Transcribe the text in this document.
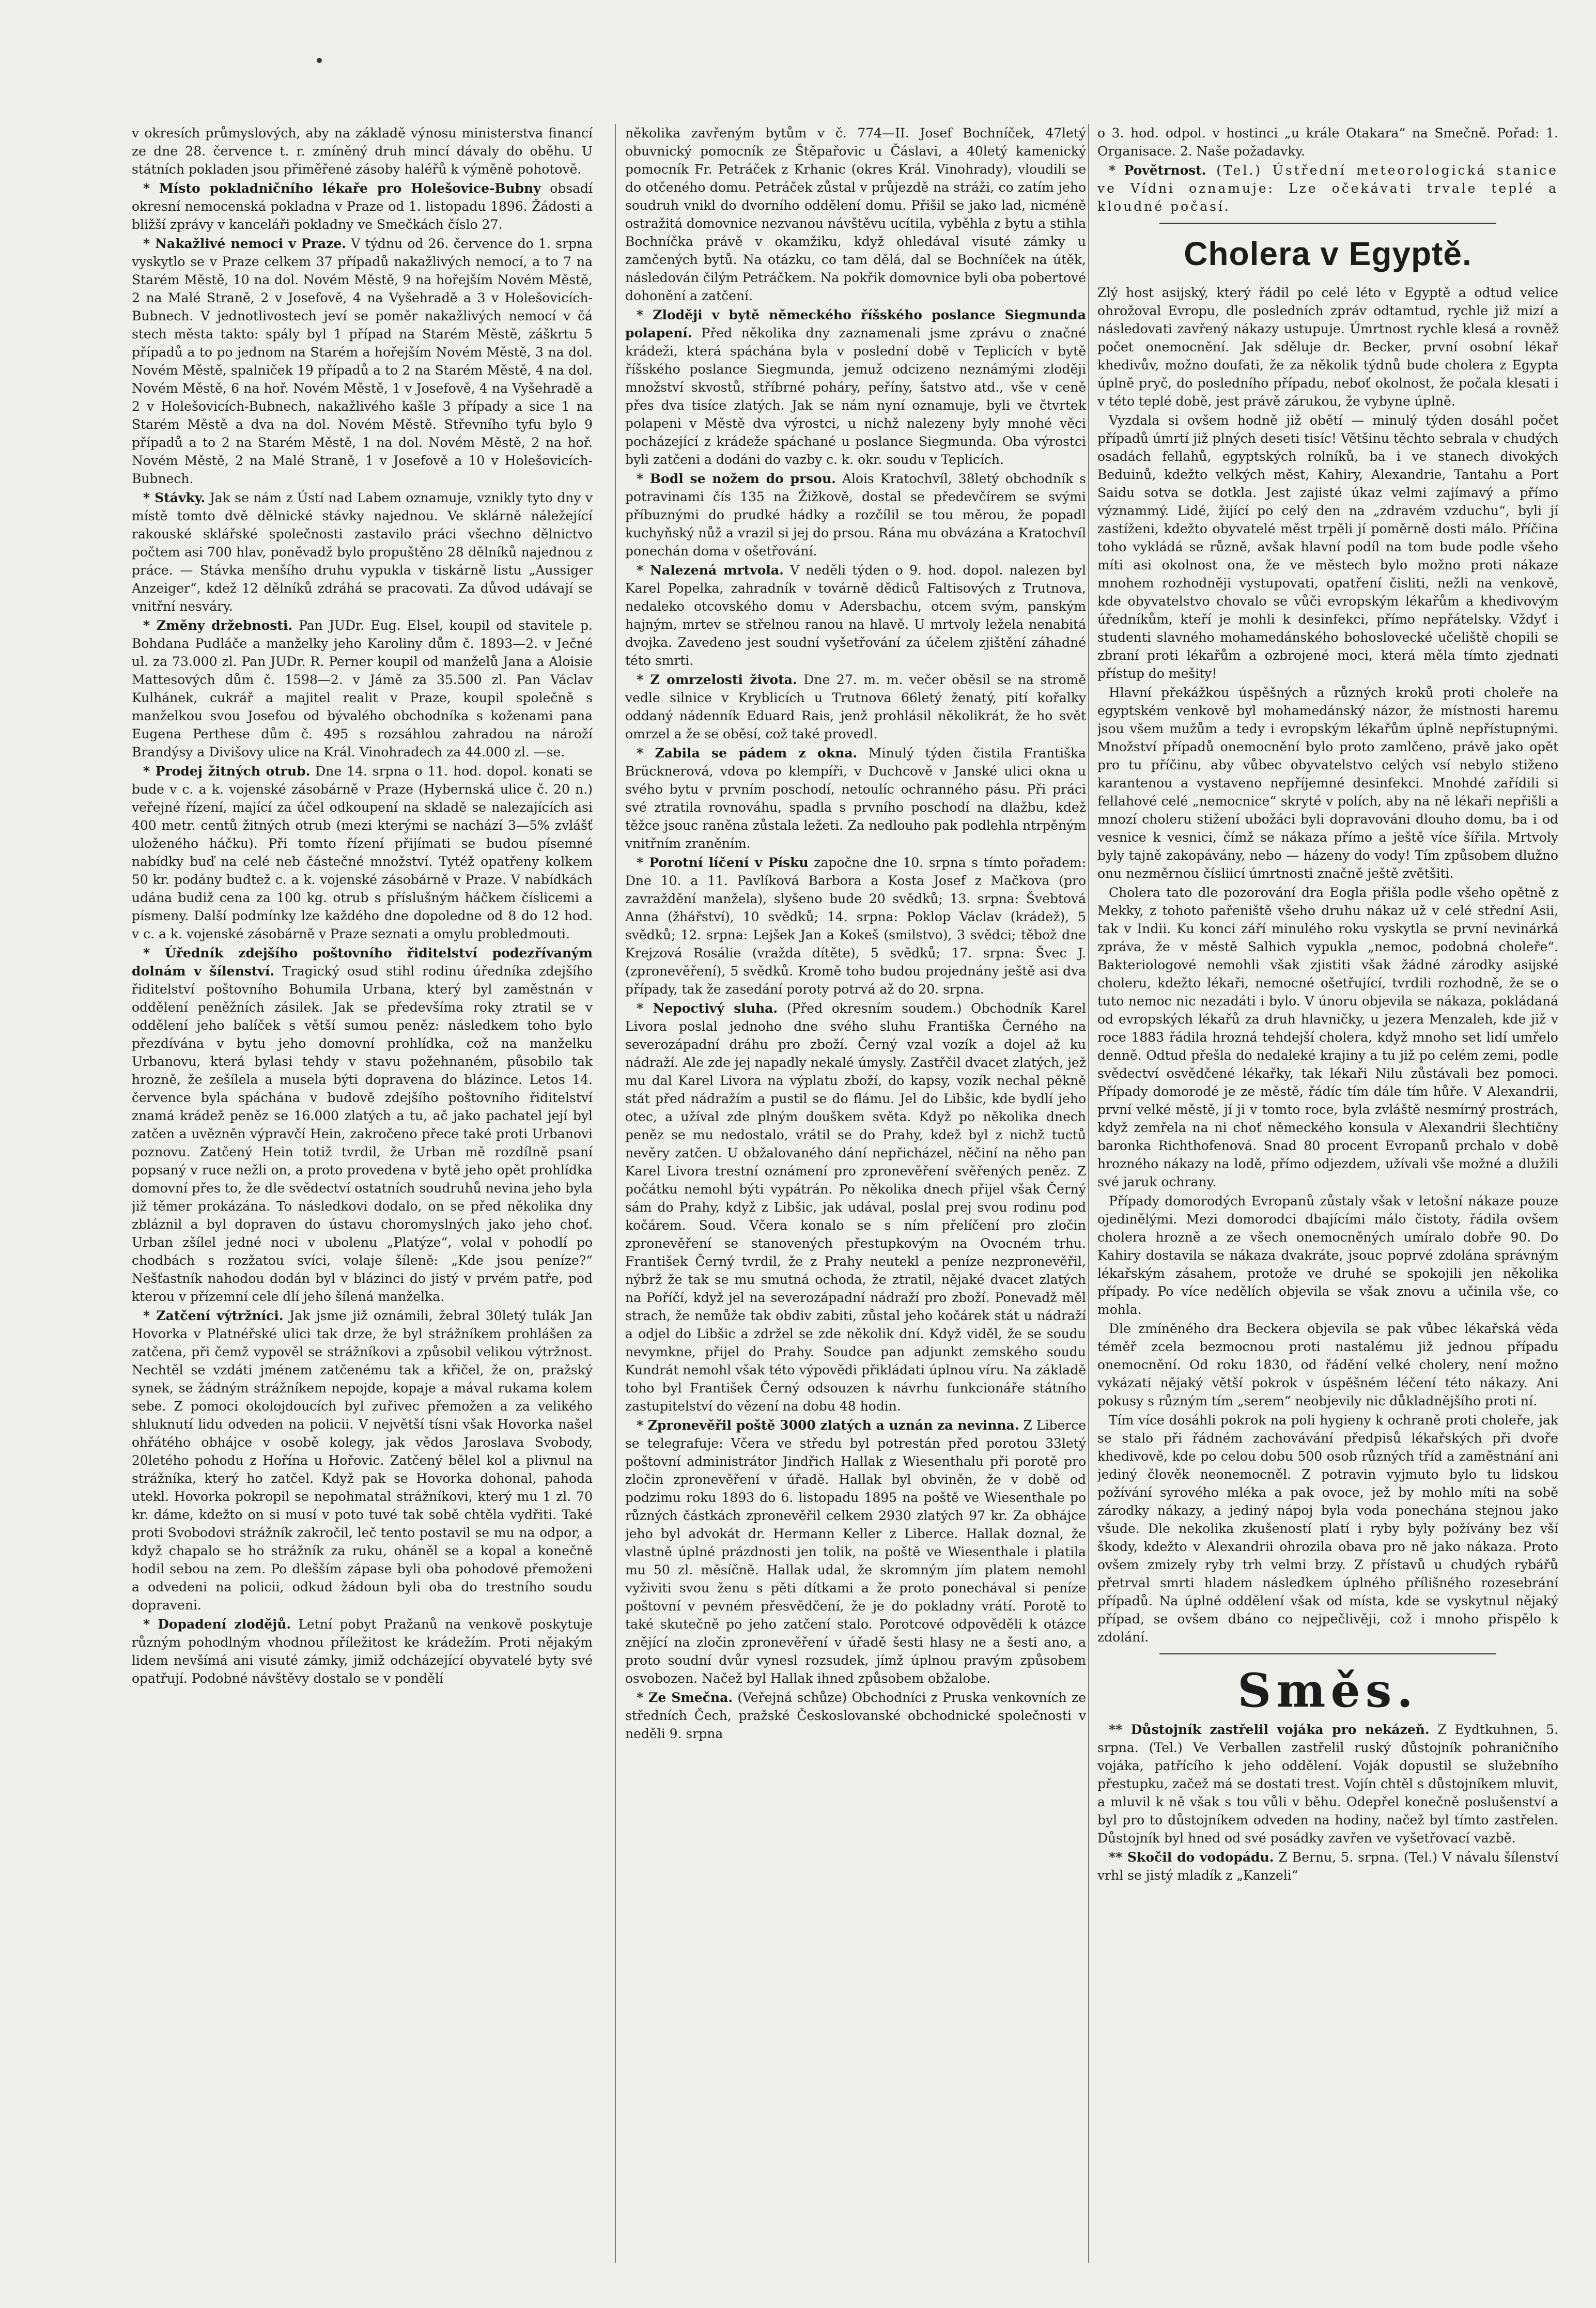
v okresích průmyslových, aby na základě výnosu ministerstva financí ze dne 28. července t. r. zmíněný druh mincí dávaly do oběhu. U státních pokladen jsou přiměřené zásoby haléřů k výměně pohotově.

* Místo pokladničního lékaře pro Holešovice-Bubny obsadí okresní nemocenská pokladna v Praze od 1. listopadu 1896. Žádosti a bližší zprávy v kanceláři pokladny ve Smečkách číslo 27.

* Nakažlivé nemoci v Praze. V týdnu od 26. července do 1. srpna vyskytlo se v Praze celkem 37 případů nakažlivých nemocí, a to 7 na Starém Městě, 10 na dol. Novém Městě, 9 na hořejším Novém Městě, 2 na Malé Straně, 2 v Josefově, 4 na Vyšehradě a 3 v Holešovicích-Bubnech. V jednotlivostech jeví se poměr nakažlivých nemocí v čá stech města takto: spály byl 1 případ na Starém Městě, záškrtu 5 případů a to po jednom na Starém a hořejším Novém Městě, 3 na dol. Novém Městě, spalniček 19 případů a to 2 na Starém Městě, 4 na dol. Novém Městě, 6 na hoř. Novém Městě, 1 v Josefově, 4 na Vyšehradě a 2 v Holešovicích-Bubnech, nakažlivého kašle 3 případy a sice 1 na Starém Městě a dva na dol. Novém Městě. Střevního tyfu bylo 9 případů a to 2 na Starém Městě, 1 na dol. Novém Městě, 2 na hoř. Novém Městě, 2 na Malé Straně, 1 v Josefově a 10 v Holešovicích-Bubnech.

* Stávky. Jak se nám z Ústí nad Labem oznamuje, vznikly tyto dny v místě tomto dvě dělnické stávky najednou. Ve sklárně náležející rakouské sklářské společnosti zastavilo práci všechno dělnictvo počtem asi 700 hlav, poněvadž bylo propuštěno 28 dělníků najednou z práce. — Stávka menšího druhu vypukla v tiskárně listu „Aussiger Anzeiger“, kdež 12 dělníků zdráhá se pracovati. Za důvod udávají se vnitřní nesváry.

* Změny držebnosti. Pan JUDr. Eug. Elsel, koupil od stavitele p. Bohdana Pudláče a manželky jeho Karoliny dům č. 1893—2. v Ječné ul. za 73.000 zl. Pan JUDr. R. Perner koupil od manželů Jana a Aloisie Mattesových dům č. 1598—2. v Jámě za 35.500 zl. Pan Václav Kulhánek, cukrář a majitel realit v Praze, koupil společně s manželkou svou Josefou od bývalého obchodníka s koženami pana Eugena Perthese dům č. 495 s rozsáhlou zahradou na nároží Brandýsy a Divišovy ulice na Král. Vinohradech za 44.000 zl. —se.

* Prodej žitných otrub. Dne 14. srpna o 11. hod. dopol. konati se bude v c. a k. vojenské zásobárně v Praze (Hybernská ulice č. 20 n.) veřejné řízení, mající za účel odkoupení na skladě se nalezajících asi 400 metr. centů žitných otrub (mezi kterými se nachází 3—5% zvlášť uloženého háčku). Při tomto řízení přijímati se budou písemné nabídky buď na celé neb částečné množství. Tytéž opatřeny kolkem 50 kr. podány budtež c. a k. vojenské zásobárně v Praze. V nabídkách udána budiž cena za 100 kg. otrub s příslušným háčkem číslicemi a písmeny. Další podmínky lze každého dne dopoledne od 8 do 12 hod. v c. a k. vojenské zásobárně v Praze seznati a omylu probledmouti.

* Úředník zdejšího poštovního řiditelství podezřívaným dolnám v šílenství. Tragický osud stihl rodinu úředníka zdejšího řiditelství poštovního Bohumila Urbana, který byl zaměstnán v oddělení peněžních zásilek. Jak se předevšíma roky ztratil se v oddělení jeho balíček s větší sumou peněz: následkem toho bylo přezdívána v bytu jeho domovní prohlídka, což na manželku Urbanovu, která bylasi tehdy v stavu požehnaném, působilo tak hrozně, že zešílela a musela býti dopravena do blázince. Letos 14. července byla spáchána v budově zdejšího poštovního řiditelství znamá krádež peněz se 16.000 zlatých a tu, ač jako pachatel její byl zatčen a uvězněn výpravčí Hein, zakročeno přece také proti Urbanovi poznovu. Zatčený Hein totiž tvrdil, že Urban mě rozdílně psaní popsaný v ruce nežli on, a proto provedena v bytě jeho opět prohlídka domovní přes to, že dle svědectví ostatních soudruhů nevina jeho byla již těmer prokázána. To následkovi dodalo, on se před několika dny zbláznil a byl dopraven do ústavu choromyslných jako jeho choť. Urban zšílel jedné noci v ubolenu „Platýze“, volal v pohodlí po chodbách s rozžatou svíci, volaje šíleně: „Kde jsou peníze?“ Nešťastník nahodou dodán byl v blázinci do jistý v prvém patře, pod kterou v přízemní cele dlí jeho šílená manželka.

* Zatčení výtržníci. Jak jsme již oznámili, žebral 30letý tulák Jan Hovorka v Platnéřské ulici tak drze, že byl strážníkem prohlášen za zatčena, při čemž vypověl se strážníkovi a způsobil velikou výtržnost. Nechtěl se vzdáti jménem zatčenému tak a křičel, že on, pražský synek, se žádným strážníkem nepojde, kopaje a mával rukama kolem sebe. Z pomoci okolojdoucích byl zuřivec přemožen a za velikého shluknutí lidu odveden na policii. V největší tísni však Hovorka našel ohřátého obhájce v osobě kolegy, jak vědos Jaroslava Svobody, 20letého pohodu z Hořína u Hořovic. Zatčený bělel kol a plivnul na strážníka, který ho zatčel. Když pak se Hovorka dohonal, pahoda utekl. Hovorka pokropil se nepohmatal strážníkovi, který mu 1 zl. 70 kr. dáme, kdežto on si musí v poto tuvé tak sobě chtěla vydřiti. Také proti Svobodovi strážník zakročil, leč tento postavil se mu na odpor, a když chapalo se ho strážník za ruku, oháněl se a kopal a konečně hodil sebou na zem. Po dlešším zápase byli oba pohodové přemoženi a odvedeni na policii, odkud žádoun byli oba do trestního soudu dopraveni.

* Dopadení zlodějů. Letní pobyt Pražanů na venkově poskytuje různým pohodlným vhodnou příležitost ke krádežím. Proti nějakým lidem nevšímá ani visuté zámky, jimiž odcházející obyvatelé byty své opatřují. Podobné návštěvy dostalo se v pondělí

několika zavřeným bytům v č. 774—II. Josef Bochníček, 47letý obuvnický pomocník ze Štěpařovic u Čáslavi, a 40letý kamenický pomocník Fr. Petráček z Krhanic (okres Král. Vinohrady), vloudili se do otčeného domu. Petráček zůstal v průjezdě na stráži, co zatím jeho soudruh vnikl do dvorního oddělení domu. Přišil se jako lad, nicméně ostražitá domovnice nezvanou návštěvu ucítila, vyběhla z bytu a stihla Bochníčka právě v okamžiku, když ohledával visuté zámky u zamčených bytů. Na otázku, co tam dělá, dal se Bochníček na útěk, následován čilým Petráčkem. Na pokřik domovnice byli oba pobertové dohonění a zatčení.

* Zloději v bytě německého říšského poslance Siegmunda polapení. Před několika dny zaznamenali jsme zprávu o značné krádeži, která spáchána byla v poslední době v Teplicích v bytě říšského poslance Siegmunda, jemuž odcizeno neznámými zloději množství skvostů, stříbrné poháry, peříny, šatstvo atd., vše v ceně přes dva tisíce zlatých. Jak se nám nyní oznamuje, byli ve čtvrtek polapeni v Městě dva výrostci, u nichž nalezeny byly mnohé věci pocházející z krádeže spáchané u poslance Siegmunda. Oba výrostci byli zatčeni a dodáni do vazby c. k. okr. soudu v Teplicích.

* Bodl se nožem do prsou. Alois Kratochvíl, 38letý obchodník s potravinami čís 135 na Žižkově, dostal se předevčírem se svými příbuznými do prudké hádky a rozčílil se tou měrou, že popadl kuchyňský nůž a vrazil si jej do prsou. Rána mu obvázána a Kratochvíl ponechán doma v ošetřování.

* Nalezená mrtvola. V neděli týden o 9. hod. dopol. nalezen byl Karel Popelka, zahradník v továrně dědiců Faltisových z Trutnova, nedaleko otcovského domu v Adersbachu, otcem svým, panským hajným, mrtev se střelnou ranou na hlavě. U mrtvoly ležela nenabitá dvojka. Zavedeno jest soudní vyšetřování za účelem zjištění záhadné této smrti.

* Z omrzelosti života. Dne 27. m. m. večer oběsil se na stromě vedle silnice v Kryblicích u Trutnova 66letý ženatý, pití kořalky oddaný nádenník Eduard Rais, jenž prohlásil několikrát, že ho svět omrzel a že se oběsí, což také provedl.

* Zabila se pádem z okna. Minulý týden čistila Františka Brücknerová, vdova po klempíři, v Duchcově v Janské ulici okna u svého bytu v prvním poschodí, netoulíc ochranného pásu. Při práci své ztratila rovnováhu, spadla s prvního poschodí na dlažbu, kdež těžce jsouc raněna zůstala ležeti. Za nedlouho pak podlehla ntrpěným vnitřním zraněním.

* Porotní líčení v Písku započne dne 10. srpna s tímto pořadem: Dne 10. a 11. Pavlíková Barbora a Kosta Josef z Mačkova (pro zavraždění manžela), slyšeno bude 20 svědků; 13. srpna: Švebtová Anna (žhářství), 10 svědků; 14. srpna: Poklop Václav (krádež), 5 svědků; 12. srpna: Lejšek Jan a Kokeš (smilstvo), 3 svědci; těbož dne Krejzová Rosálie (vražda dítěte), 5 svědků; 17. srpna: Švec J. (zpronevěření), 5 svědků. Kromě toho budou projednány ještě asi dva případy, tak že zasedání poroty potrvá až do 20. srpna.

* Nepoctivý sluha. (Před okresním soudem.) Obchodník Karel Livora poslal jednoho dne svého sluhu Františka Černého na severozápadní dráhu pro zboží. Černý vzal vozík a dojel až ku nádraží. Ale zde jej napadly nekalé úmysly. Zastřčil dvacet zlatých, jež mu dal Karel Livora na výplatu zboží, do kapsy, vozík nechal pěkně stát před nádražím a pustil se do flámu. Jel do Libšic, kde bydlí jeho otec, a užíval zde plným douškem světa. Když po několika dnech peněz se mu nedostalo, vrátil se do Prahy, kdež byl z nichž tuctů nevěry zatčen. U obžalovaného dání nepřicházel, něčiní na něho pan Karel Livora trestní oznámení pro zpronevěření svěřených peněz. Z počátku nemohl býti vypátrán. Po několika dnech přijel však Černý sám do Prahy, když z Libšic, jak udával, poslal prej svou rodinu pod kočárem. Soud. Včera konalo se s ním přelíčení pro zločin zpronevěření se stanovených přestupkovým na Ovocném trhu. František Černý tvrdil, že z Prahy neutekl a peníze nezpronevěřil, nýbrž že tak se mu smutná ochoda, že ztratil, nějaké dvacet zlatých na Poříčí, když jel na severozápadní nádraží pro zboží. Ponevadž měl strach, že nemůže tak obdiv zabiti, zůstal jeho kočárek stát u nádraží a odjel do Libšic a zdržel se zde několik dní. Když viděl, že se soudu nevymkne, přijel do Prahy. Soudce pan adjunkt zemského soudu Kundrát nemohl však této výpovědi přikládati úplnou víru. Na základě toho byl František Černý odsouzen k návrhu funkcionáře státního zastupitelství do vězení na dobu 48 hodin.

* Zpronevěřil poště 3000 zlatých a uznán za nevinna. Z Liberce se telegrafuje: Včera ve středu byl potrestán před porotou 33letý poštovní administrátor Jindřich Hallak z Wiesenthalu při porotě pro zločin zpronevěření v úřadě. Hallak byl obviněn, že v době od podzimu roku 1893 do 6. listopadu 1895 na poště ve Wiesenthale po různých částkách zpronevěřil celkem 2930 zlatých 97 kr. Za obhájce jeho byl advokát dr. Hermann Keller z Liberce. Hallak doznal, že vlastně úplné prázdnosti jen tolik, na poště ve Wiesenthale i platila mu 50 zl. měsíčně. Hallak udal, že skromným jím platem nemohl vyživiti svou ženu s pěti dítkami a že proto ponechával si peníze poštovní v pevném přesvědčení, že je do pokladny vrátí. Porotě to také skutečně po jeho zatčení stalo. Porotcové odpověděli k otázce znějící na zločin zpronevěření v úřadě šesti hlasy ne a šesti ano, a proto soudní dvůr vynesl rozsudek, jímž úplnou pravým způsobem osvobozen. Načež byl Hallak ihned způsobem obžalobe.

* Ze Smečna. (Veřejná schůze) Obchodníci z Pruska venkovních ze středních Čech, pražské Českoslovanské obchodnické společnosti v neděli 9. srpna

o 3. hod. odpol. v hostinci „u krále Otakara“ na Smečně. Pořad: 1. Organisace. 2. Naše požadavky.

* Povětrnost. (Tel.) Ústřední meteorologická stanice ve Vídni oznamuje: Lze očekávati trvale teplé a kloudné počasí.

Cholera v Egyptě.

Zlý host asijský, který řádil po celé léto v Egyptě a odtud velice ohrožoval Evropu, dle posledních zpráv odtamtud, rychle již mizí a následovati zavřený nákazy ustupuje. Úmrtnost rychle klesá a rovněž počet onemocnění. Jak sděluje dr. Becker, první osobní lékař khedivův, možno doufati, že za několik týdnů bude cholera z Egypta úplně pryč, do posledního případu, neboť okolnost, že počala klesati i v této teplé době, jest právě zárukou, že vybyne úplně.

Vyzdala si ovšem hodně již obětí — minulý týden dosáhl počet případů úmrtí již plných deseti tisíc! Většinu těchto sebrala v chudých osadách fellahů, egyptských rolníků, ba i ve stanech divokých Beduinů, kdežto velkých měst, Kahiry, Alexandrie, Tantahu a Port Saidu sotva se dotkla. Jest zajisté úkaz velmi zajímavý a přímo význammý. Lidé, žijící po celý den na „zdravém vzduchu“, byli jí zastíženi, kdežto obyvatelé měst trpěli jí poměrně dosti málo. Příčina toho vykládá se různě, avšak hlavní podíl na tom bude podle všeho míti asi okolnost ona, že ve městech bylo možno proti nákaze mnohem rozhodněji vystupovati, opatření čisliti, nežli na venkově, kde obyvatelstvo chovalo se vůči evropským lékařům a khedivovým úředníkům, kteří je mohli k desinfekci, přímo nepřátelsky. Vždyť i studenti slavného mohamedánského bohoslovecké učeliště chopili se zbraní proti lékařům a ozbrojené moci, která měla tímto zjednati přístup do mešity!

Hlavní překážkou úspěšných a různých kroků proti choleře na egyptském venkově byl mohamedánský názor, že místnosti haremu jsou všem mužům a tedy i evropským lékařům úplně nepřístupnými. Množství případů onemocnění bylo proto zamlčeno, právě jako opět pro tu příčinu, aby vůbec obyvatelstvo celých vsí nebylo stiženo karantenou a vystaveno nepříjemné desinfekci. Mnohdé zařídili si fellahové celé „nemocnice“ skryté v polích, aby na ně lékaři nepřišli a mnozí choleru stižení ubožáci byli dopravováni dlouho domu, ba i od vesnice k vesnici, čímž se nákaza přímo a ještě více šířila. Mrtvoly byly tajně zakopávány, nebo — házeny do vody! Tím způsobem dlužno onu nezměrnou čísliicí úmrtnosti značně ještě zvětšiti.

Cholera tato dle pozorování dra Eogla přišla podle všeho opětně z Mekky, z tohoto pařeniště všeho druhu nákaz už v celé střední Asii, tak v Indii. Ku konci září minulého roku vyskytla se první nevinárká zpráva, že v městě Salhich vypukla „nemoc, podobná choleře“. Bakteriologové nemohli však zjistiti však žádné zárodky asijské choleru, kdežto lékaři, nemocné ošetřující, tvrdili rozhodně, že se o tuto nemoc nic nezadáti i bylo. V únoru objevila se nákaza, pokládaná od evropských lékařů za druh hlavničky, u jezera Menzaleh, kde již v roce 1883 řádila hrozná tehdejší cholera, když mnoho set lidí umřelo denně. Odtud přešla do nedaleké krajiny a tu již po celém zemi, podle svědectví osvědčené lékařky, tak lékaři Nilu zůstávali bez pomoci. Případy domorodé je ze městě, řádíc tím dále tím hůře. V Alexandrii, první velké městě, jí ji v tomto roce, byla zvláště nesmírný prostrách, když zemřela na ni choť německého konsula v Alexandrii šlechtičny baronka Richthofenová. Snad 80 procent Evropanů prchalo v době hrozného nákazy na lodě, přímo odjezdem, užívali vše možné a dlužili své jaruk ochrany.

Případy domorodých Evropanů zůstaly však v letošní nákaze pouze ojedinělými. Mezi domorodci dbajícími málo čistoty, řádila ovšem cholera hrozně a ze všech onemocněných umíralo dobře 90. Do Kahiry dostavila se nákaza dvakráte, jsouc poprvé zdolána správným lékařským zásahem, protože ve druhé se spokojili jen několika případy. Po více nedělích objevila se však znovu a učinila vše, co mohla.

Dle zmíněného dra Beckera objevila se pak vůbec lékařská věda téměř zcela bezmocnou proti nastalému již jednou případu onemocnění. Od roku 1830, od řádění velké cholery, není možno vykázati nějaký větší pokrok v úspěšném léčení této nákazy. Ani pokusy s různým tím „serem“ neobjevily nic důkladnějšího proti ní.

Tím více dosáhli pokrok na poli hygieny k ochraně proti choleře, jak se stalo při řádném zachovávání předpisů lékařských při dvoře khedivově, kde po celou dobu 500 osob různých tříd a zaměstnání ani jediný člověk neonemocněl. Z potravin vyjmuto bylo tu lidskou požívání syrového mléka a pak ovoce, jež by mohlo míti na sobě zárodky nákazy, a jediný nápoj byla voda ponechána stejnou jako všude. Dle nekolika zkušeností platí i ryby byly požívány bez vší škody, kdežto v Alexandrii ohrozila obava pro ně jako nákaza. Proto ovšem zmizely ryby trh velmi brzy. Z přístavů u chudých rybářů přetrval smrti hladem následkem úplného přílišného rozesebrání případů. Na úplné oddělení však od místa, kde se vyskytnul nějaký případ, se ovšem dbáno co nejpečlivěji, což i mnoho přispělo k zdolání.

Směs.

** Důstojník zastřelil vojáka pro nekázeň. Z Eydtkuhnen, 5. srpna. (Tel.) Ve Verballen zastřelil ruský důstojník pohraničního vojáka, patřícího k jeho oddělení. Voják dopustil se služebního přestupku, začež má se dostati trest. Vojín chtěl s důstojníkem mluvit, a mluvil k ně však s tou vůli v běhu. Odepřel konečně poslušenství a byl pro to důstojníkem odveden na hodiny, načež byl tímto zastřelen. Důstojník byl hned od své posádky zavřen ve vyšetřovací vazbě.

** Skočil do vodopádu. Z Bernu, 5. srpna. (Tel.) V návalu šílenství vrhl se jistý mladík z „Kanzeli“
